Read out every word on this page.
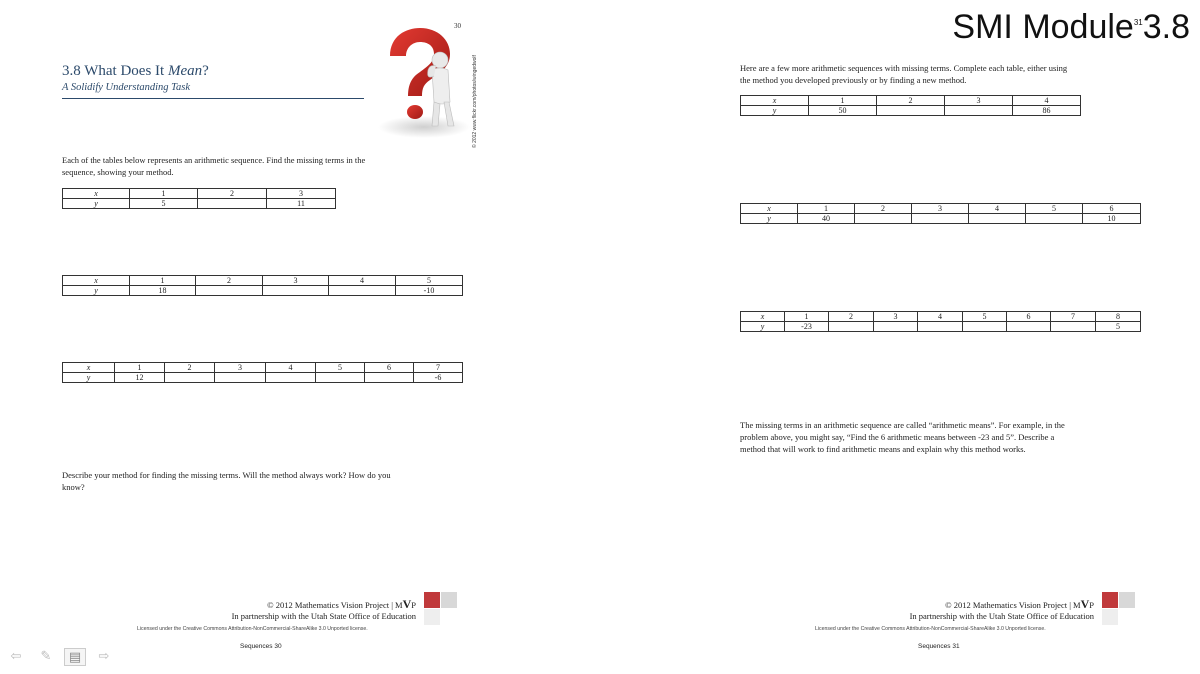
SMI Module$^{31}$3.8
30
3.8 What Does It Mean?
A Solidify Understanding Task	© 2012 www.flickr.com/photos/wingedwolf
Each of the tables below represents an arithmetic sequence. Find the missing terms in the
sequence, showing your method.
x	1	2	3
y	5		11
x	1	2	3	4	5
y	18				-10
x	1	2	3	4	5	6	7
y	12						-6
Describe your method for finding the missing terms. Will the method always work? How do you
know?
© 2012 Mathematics Vision Project | MVP
In partnership with the Utah State Office of Education
Licensed under the Creative Commons Attribution-NonCommercial-ShareAlike 3.0 Unported license.
Sequences 30
Here are a few more arithmetic sequences with missing terms. Complete each table, either using
the method you developed previously or by finding a new method.
x	1	2	3	4
y	50			86
x	1	2	3	4	5	6
y	40					10
x	1	2	3	4	5	6	7	8
y	-23							5
The missing terms in an arithmetic sequence are called “arithmetic means”. For example, in the
problem above, you might say, “Find the 6 arithmetic means between -23 and 5”. Describe a
method that will work to find arithmetic means and explain why this method works.
© 2012 Mathematics Vision Project | MVP
In partnership with the Utah State Office of Education
Licensed under the Creative Commons Attribution-NonCommercial-ShareAlike 3.0 Unported license.
Sequences 31
⇦	✎	▤	⇨
